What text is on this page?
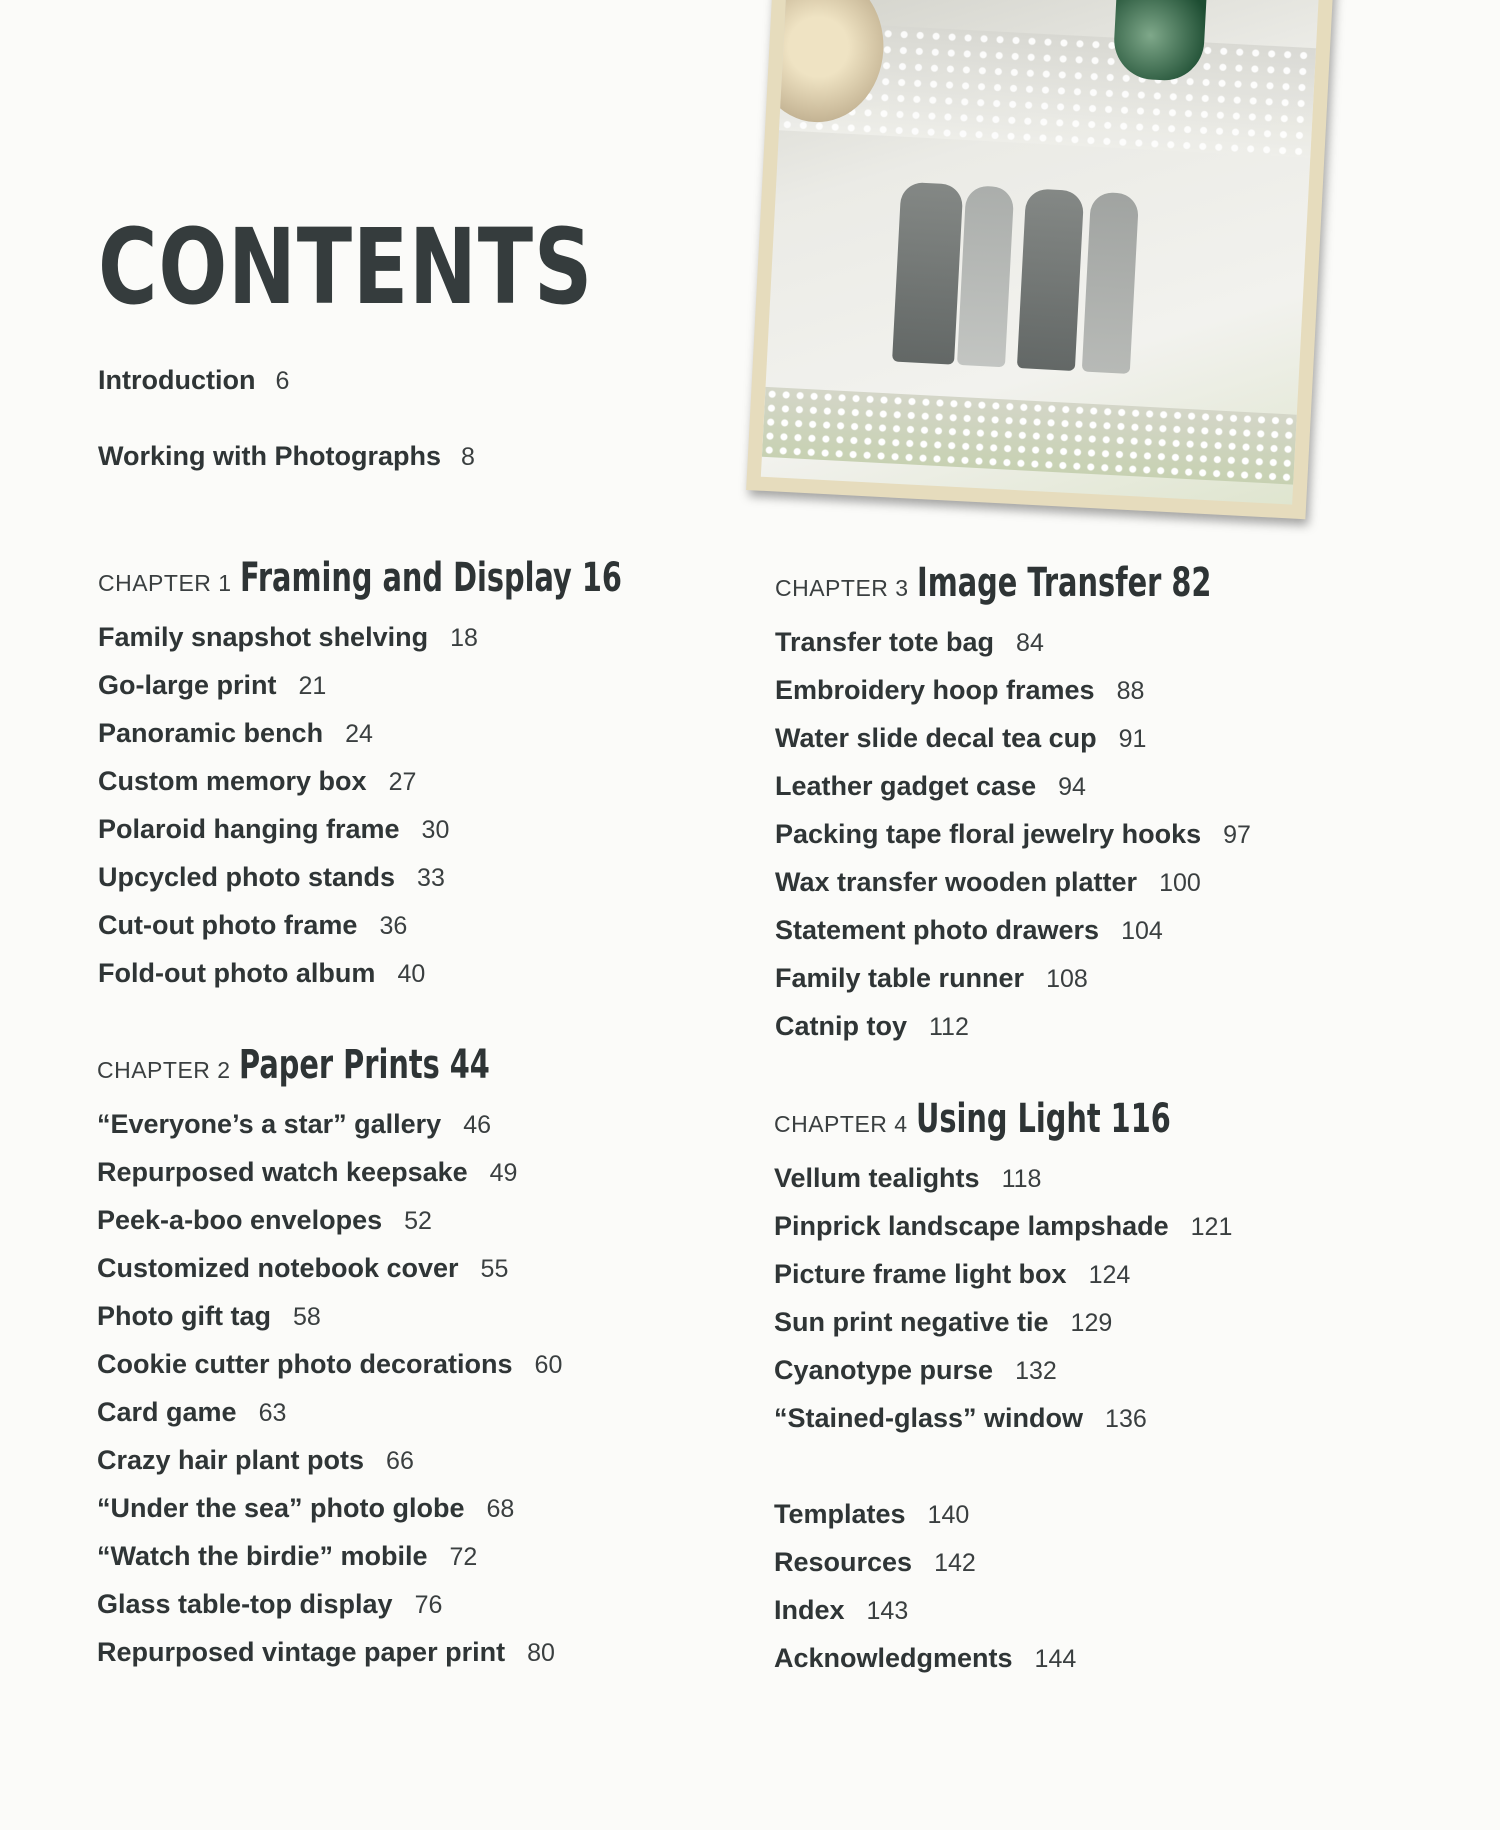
CONTENTS
Introduction 6
Working with Photographs 8
CHAPTER 1 Framing and Display 16
Family snapshot shelving 18
Go-large print 21
Panoramic bench 24
Custom memory box 27
Polaroid hanging frame 30
Upcycled photo stands 33
Cut-out photo frame 36
Fold-out photo album 40
CHAPTER 2 Paper Prints 44
“Everyone’s a star” gallery 46
Repurposed watch keepsake 49
Peek-a-boo envelopes 52
Customized notebook cover 55
Photo gift tag 58
Cookie cutter photo decorations 60
Card game 63
Crazy hair plant pots 66
“Under the sea” photo globe 68
“Watch the birdie” mobile 72
Glass table-top display 76
Repurposed vintage paper print 80
CHAPTER 3 Image Transfer 82
Transfer tote bag 84
Embroidery hoop frames 88
Water slide decal tea cup 91
Leather gadget case 94
Packing tape floral jewelry hooks 97
Wax transfer wooden platter 100
Statement photo drawers 104
Family table runner 108
Catnip toy 112
CHAPTER 4 Using Light 116
Vellum tealights 118
Pinprick landscape lampshade 121
Picture frame light box 124
Sun print negative tie 129
Cyanotype purse 132
“Stained-glass” window 136
Templates 140
Resources 142
Index 143
Acknowledgments 144
